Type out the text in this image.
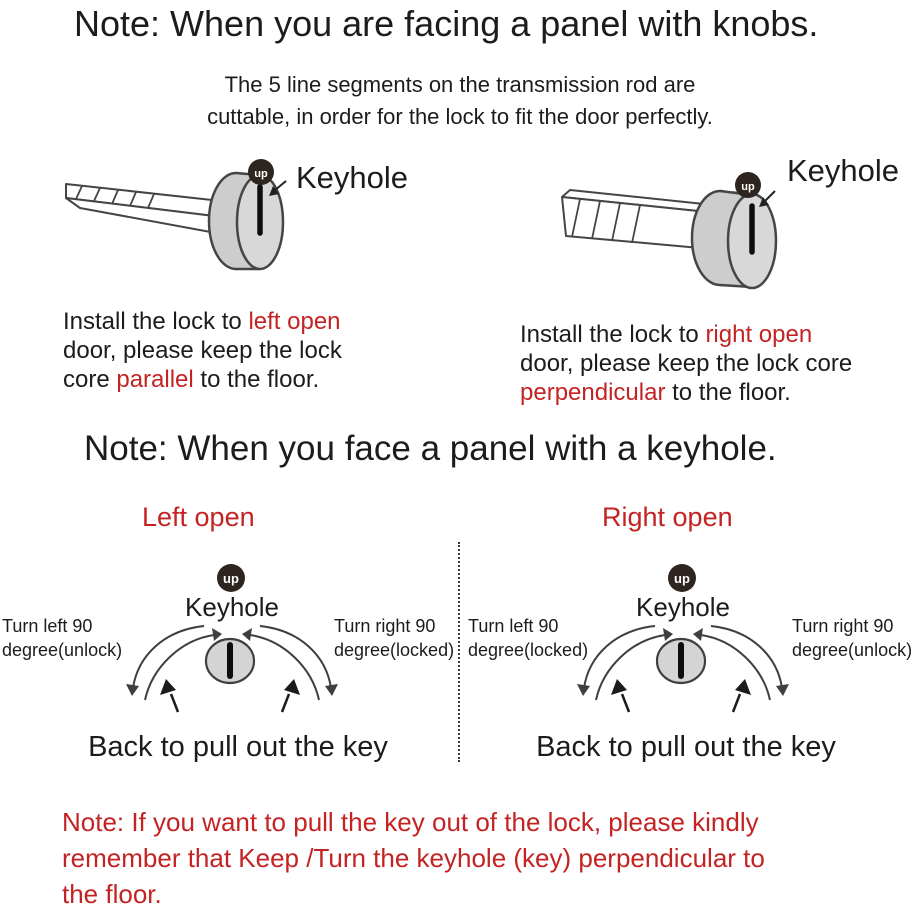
Note: When you are facing a panel with knobs.
The 5 line segments on the transmission rod are
cuttable, in order for the lock to fit the door perfectly.
up Keyhole	up Keyhole
Install the lock to left open
door, please keep the lock
core parallel to the floor.
Install the lock to right open
door, please keep the lock core
perpendicular to the floor.
Note: When you face a panel with a keyhole.
Left open	Right open
up
Keyhole
Turn left 90
degree(unlock)
Turn right 90
degree(locked)
Back to pull out the key
up
Keyhole
Turn left 90
degree(locked)
Turn right 90
degree(unlock)
Back to pull out the key
Note: If you want to pull the key out of the lock, please kindly
remember that Keep /Turn the keyhole (key) perpendicular to
the floor.
